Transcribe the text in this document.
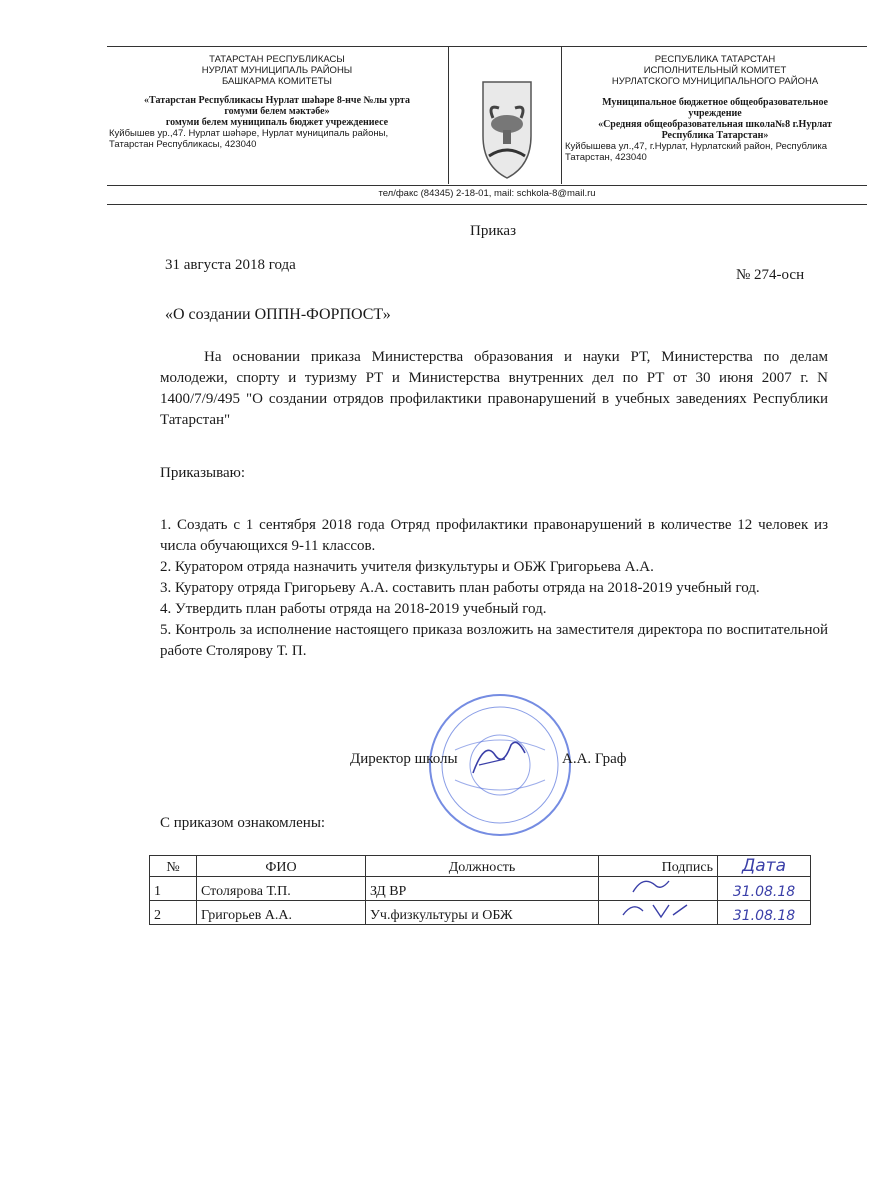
ТАТАРСТАН РЕСПУБЛИКАСЫ
НУРЛАТ МУНИЦИПАЛЬ РАЙОНЫ
БАШКАРМА КОМИТЕТЫ
«Татарстан Республикасы Нурлат шәһәре 8-нче №лы урта
гомуми белем мәктәбе»
гомуми белем муниципаль бюджет учреждениесе
Куйбышев ур.,47. Нурлат шәһәре, Нурлат муниципаль районы,
Татарстан Республикасы, 423040
РЕСПУБЛИКА ТАТАРСТАН
ИСПОЛНИТЕЛЬНЫЙ КОМИТЕТ
НУРЛАТСКОГО МУНИЦИПАЛЬНОГО РАЙОНА
Муниципальное бюджетное общеобразовательное
учреждение
«Средняя общеобразовательная школа№8 г.Нурлат
Республика Татарстан»
Куйбышева ул.,47, г.Нурлат, Нурлатский район, Республика
Татарстан, 423040
тел/факс (84345) 2-18-01, mail: schkola-8@mail.ru
Приказ
31 августа 2018 года
№ 274-осн
«О создании ОППН-ФОРПОСТ»
На основании приказа Министерства образования и науки РТ, Министерства по делам молодежи, спорту и туризму РТ и Министерства внутренних дел по РТ от 30 июня 2007 г. N 1400/7/9/495 "О создании отрядов профилактики правонарушений в учебных заведениях Республики Татарстан"
Приказываю:
1. Создать с 1 сентября 2018 года Отряд профилактики правонарушений в количестве 12 человек из числа обучающихся 9-11 классов.
2. Куратором отряда назначить учителя физкультуры и ОБЖ Григорьева А.А.
3. Куратору отряда Григорьеву А.А. составить план работы отряда на 2018-2019 учебный год.
4. Утвердить план работы отряда на 2018-2019 учебный год.
5. Контроль за исполнение настоящего приказа возложить на заместителя директора по воспитательной работе Столярову Т. П.
Директор школы	А.А. Граф
С приказом ознакомлены:
№	ФИО	Должность	Подпись	Дата
1	Столярова Т.П.	ЗД ВР		31.08.18
2	Григорьев А.А.	Уч.физкультуры и ОБЖ		31.08.18
